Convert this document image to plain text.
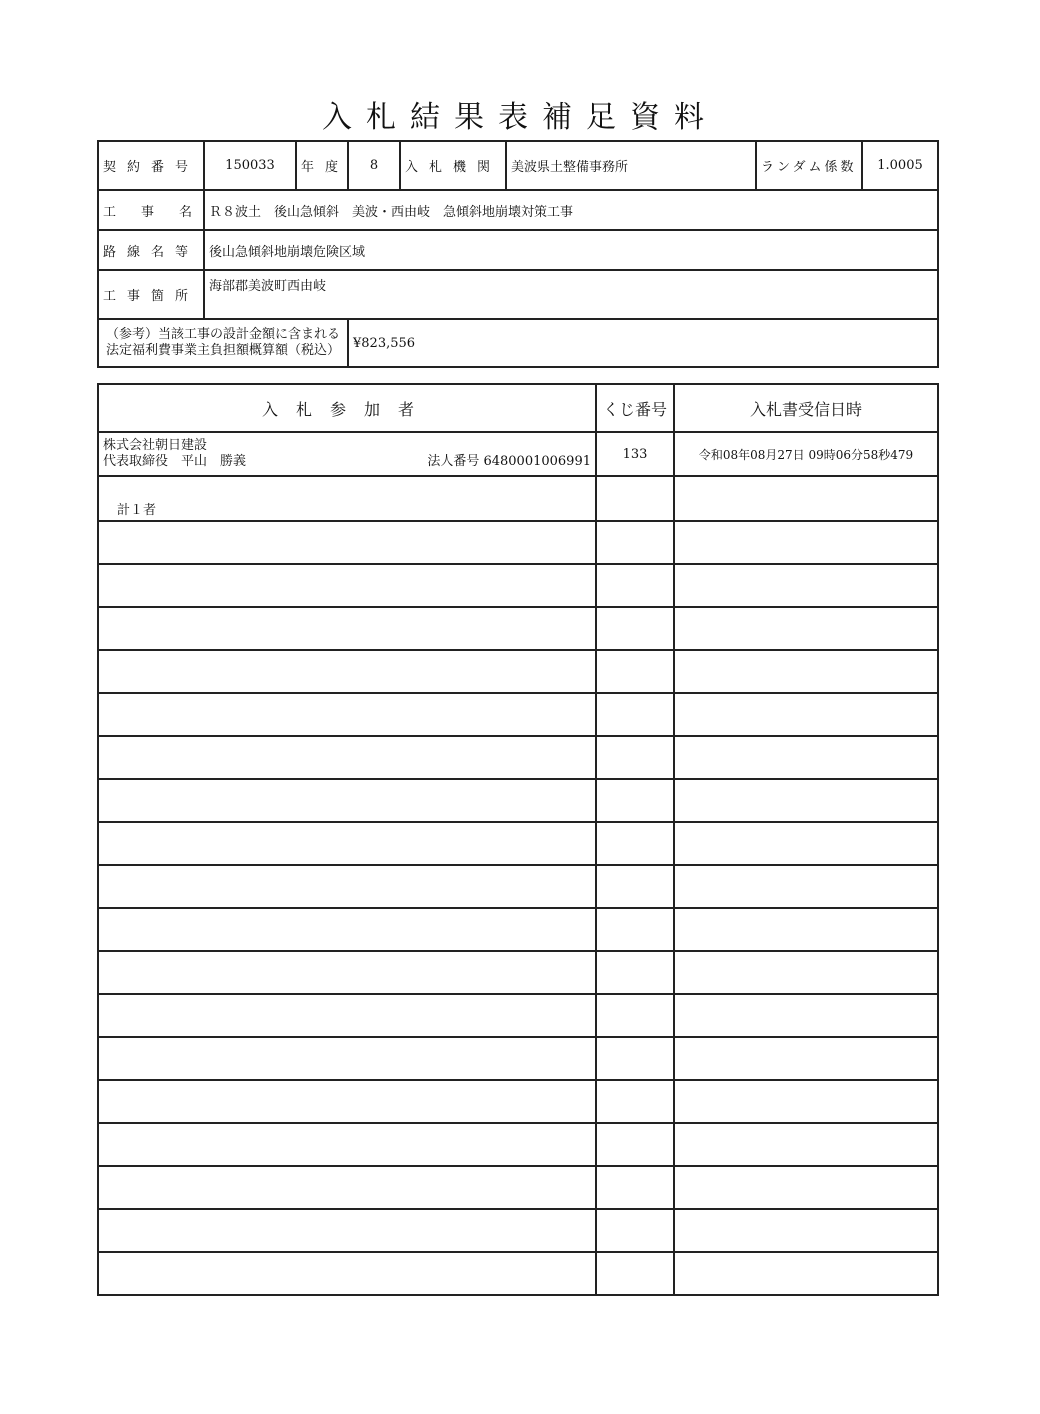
入札結果表補足資料
契約番号	150033	年度	8	入札機関	美波県土整備事務所	ランダム係数	1.0005
工事名	Ｒ８波土　後山急傾斜　美波・西由岐　急傾斜地崩壊対策工事						
路線名等	後山急傾斜地崩壊危険区域						
工事箇所	海部郡美波町西由岐						

（参考）当該工事の設計金額に含まれる
法定福利費事業主負担額概算額（税込）			¥823,556				
入札参加者	くじ番号	入札書受信日時

株式会社朝日建設
代表取締役　平山　勝義 法人番号 6480001006991	133	令和08年08月27日 09時06分58秒479
計１者		
